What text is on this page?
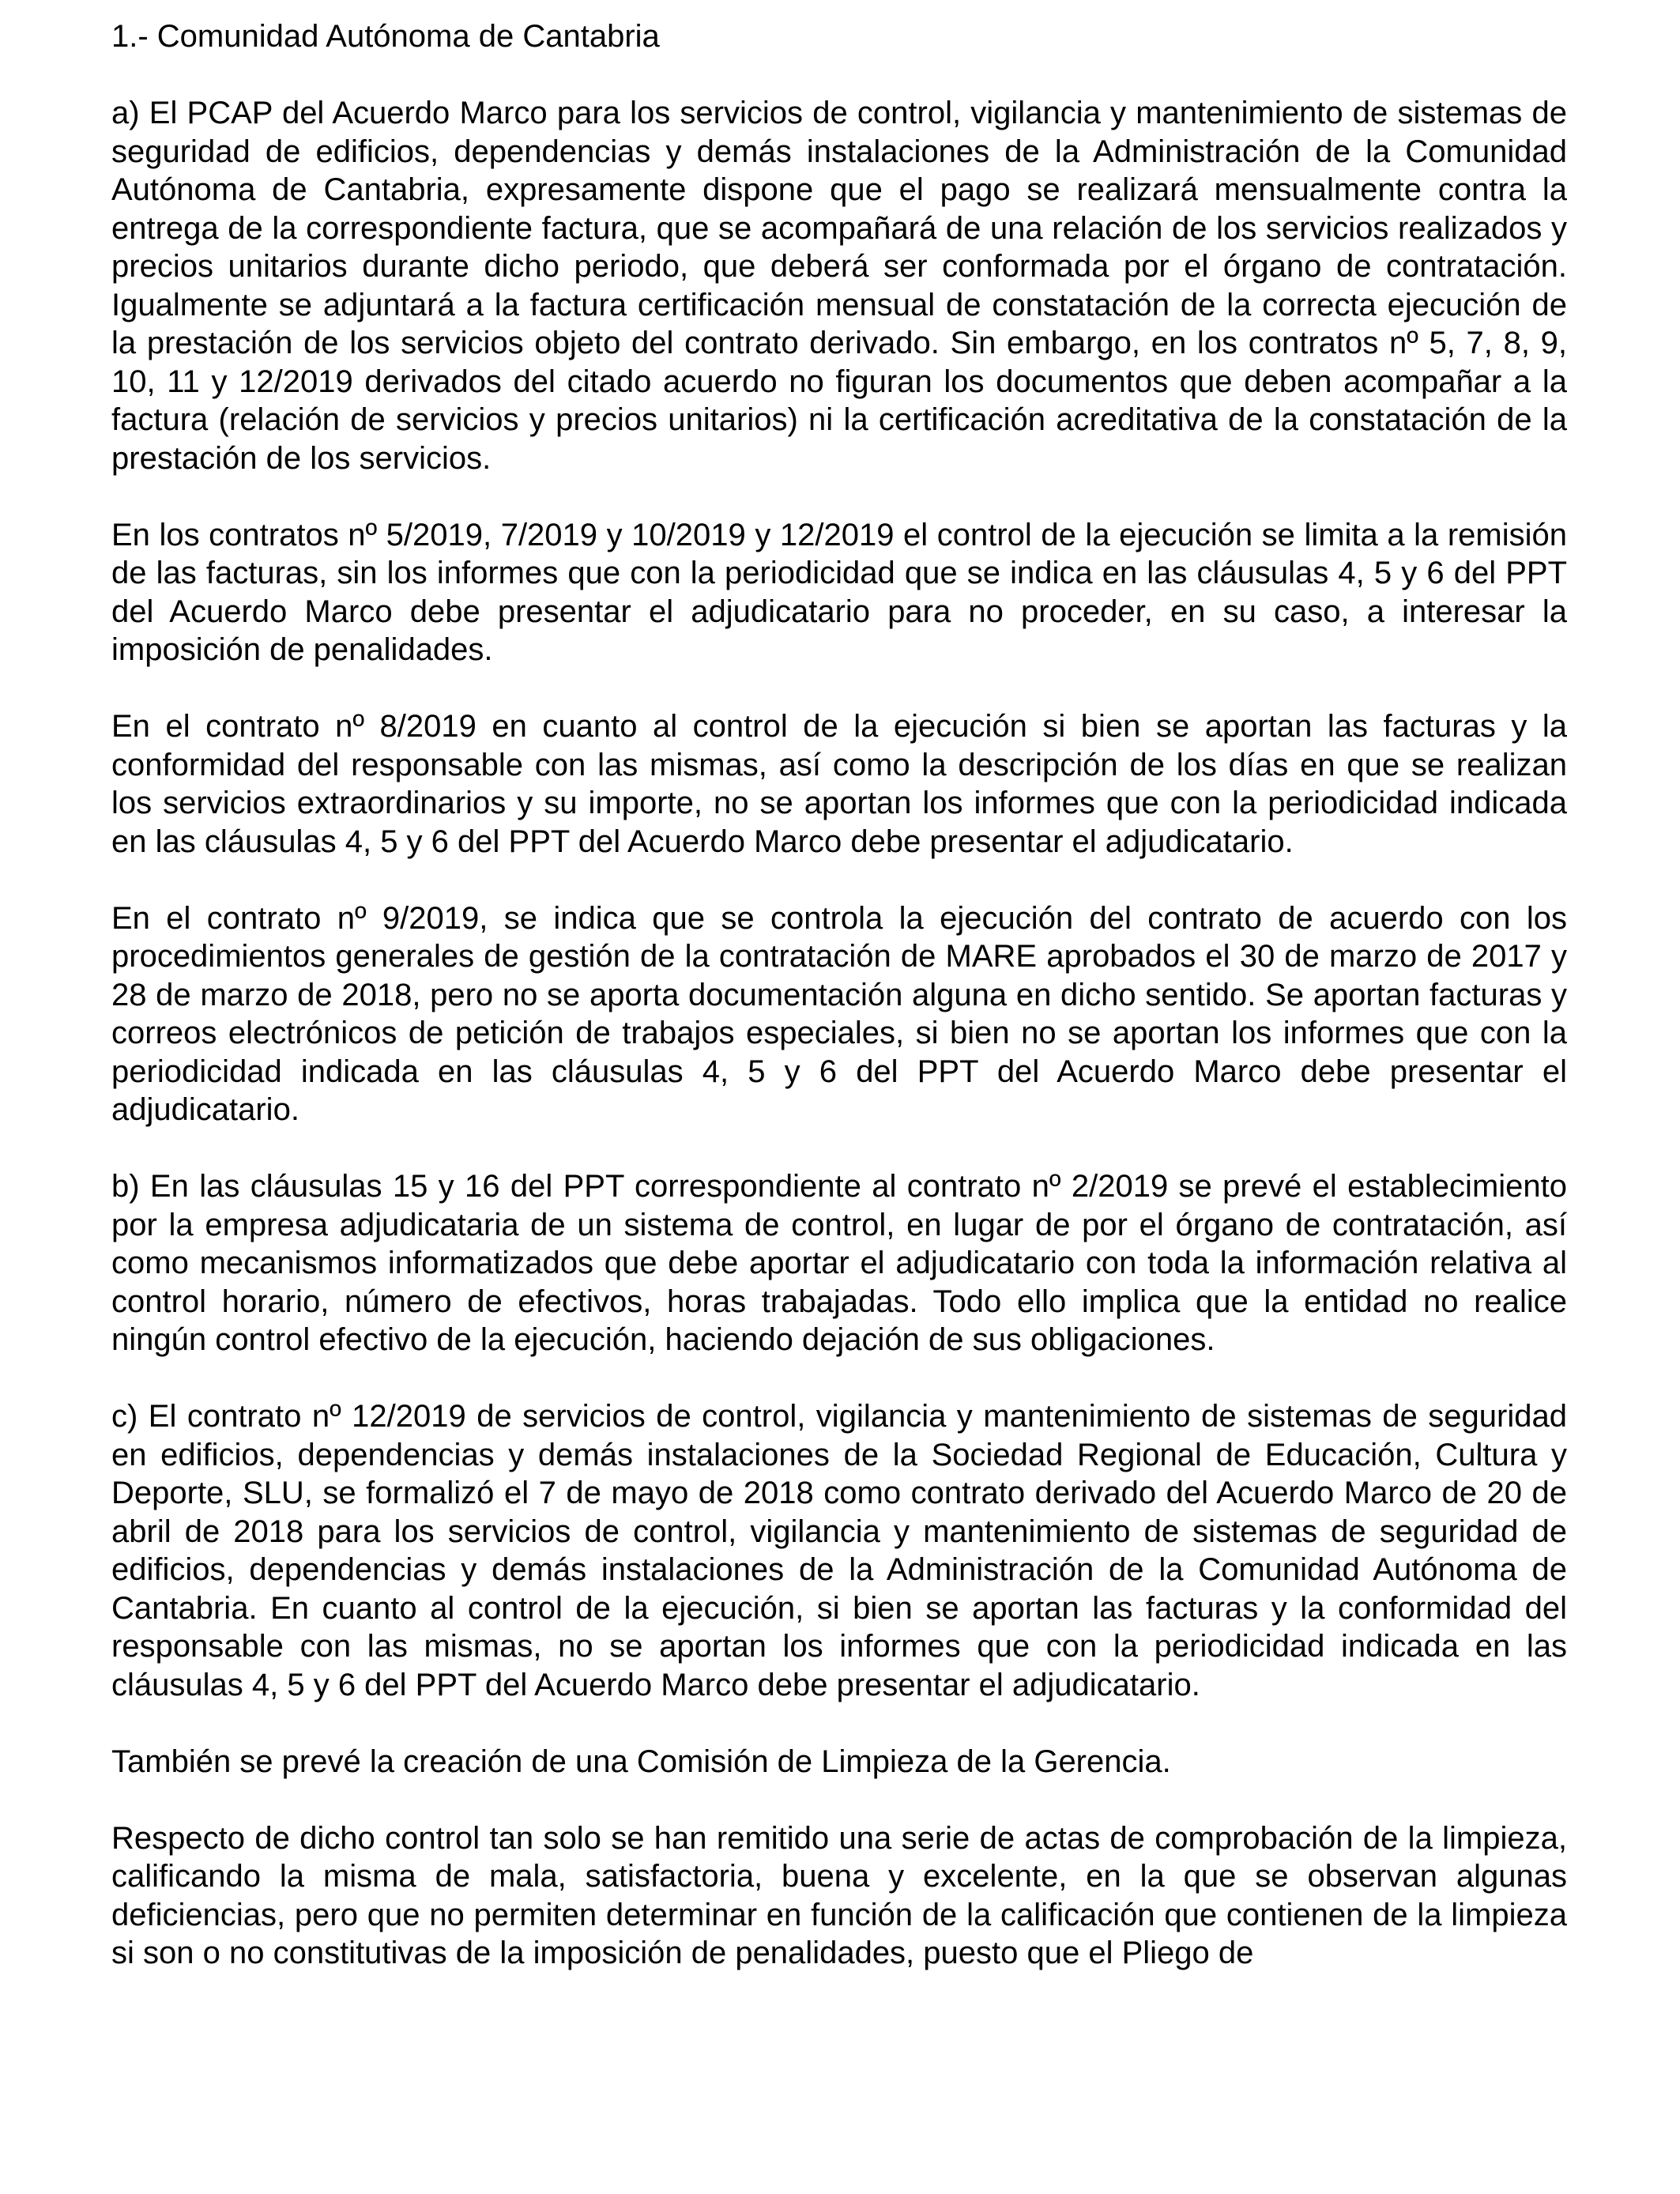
1.- Comunidad Autónoma de Cantabria

a) El PCAP del Acuerdo Marco para los servicios de control, vigilancia y mantenimiento de sistemas de seguridad de edificios, dependencias y demás instalaciones de la Administración de la Comunidad Autónoma de Cantabria, expresamente dispone que el pago se realizará mensualmente contra la entrega de la correspondiente factura, que se acompañará de una relación de los servicios realizados y precios unitarios durante dicho periodo, que deberá ser conformada por el órgano de contratación. Igualmente se adjuntará a la factura certificación mensual de constatación de la correcta ejecución de la prestación de los servicios objeto del contrato derivado. Sin embargo, en los contratos nº 5, 7, 8, 9, 10, 11 y 12/2019 derivados del citado acuerdo no figuran los documentos que deben acompañar a la factura (relación de servicios y precios unitarios) ni la certificación acreditativa de la constatación de la prestación de los servicios.

En los contratos nº 5/2019, 7/2019 y 10/2019 y 12/2019 el control de la ejecución se limita a la remisión de las facturas, sin los informes que con la periodicidad que se indica en las cláusulas 4, 5 y 6 del PPT del Acuerdo Marco debe presentar el adjudicatario para no proceder, en su caso, a interesar la imposición de penalidades.

En el contrato nº 8/2019 en cuanto al control de la ejecución si bien se aportan las facturas y la conformidad del responsable con las mismas, así como la descripción de los días en que se realizan los servicios extraordinarios y su importe, no se aportan los informes que con la periodicidad indicada en las cláusulas 4, 5 y 6 del PPT del Acuerdo Marco debe presentar el adjudicatario.

En el contrato nº 9/2019, se indica que se controla la ejecución del contrato de acuerdo con los procedimientos generales de gestión de la contratación de MARE aprobados el 30 de marzo de 2017 y 28 de marzo de 2018, pero no se aporta documentación alguna en dicho sentido. Se aportan facturas y correos electrónicos de petición de trabajos especiales, si bien no se aportan los informes que con la periodicidad indicada en las cláusulas 4, 5 y 6 del PPT del Acuerdo Marco debe presentar el adjudicatario.

b) En las cláusulas 15 y 16 del PPT correspondiente al contrato nº 2/2019 se prevé el establecimiento por la empresa adjudicataria de un sistema de control, en lugar de por el órgano de contratación, así como mecanismos informatizados que debe aportar el adjudicatario con toda la información relativa al control horario, número de efectivos, horas trabajadas. Todo ello implica que la entidad no realice ningún control efectivo de la ejecución, haciendo dejación de sus obligaciones.

c) El contrato nº 12/2019 de servicios de control, vigilancia y mantenimiento de sistemas de seguridad en edificios, dependencias y demás instalaciones de la Sociedad Regional de Educación, Cultura y Deporte, SLU, se formalizó el 7 de mayo de 2018 como contrato derivado del Acuerdo Marco de 20 de abril de 2018 para los servicios de control, vigilancia y mantenimiento de sistemas de seguridad de edificios, dependencias y demás instalaciones de la Administración de la Comunidad Autónoma de Cantabria. En cuanto al control de la ejecución, si bien se aportan las facturas y la conformidad del responsable con las mismas, no se aportan los informes que con la periodicidad indicada en las cláusulas 4, 5 y 6 del PPT del Acuerdo Marco debe presentar el adjudicatario.

También se prevé la creación de una Comisión de Limpieza de la Gerencia.

Respecto de dicho control tan solo se han remitido una serie de actas de comprobación de la limpieza, calificando la misma de mala, satisfactoria, buena y excelente, en la que se observan algunas deficiencias, pero que no permiten determinar en función de la calificación que contienen de la limpieza si son o no constitutivas de la imposición de penalidades, puesto que el Pliego de
